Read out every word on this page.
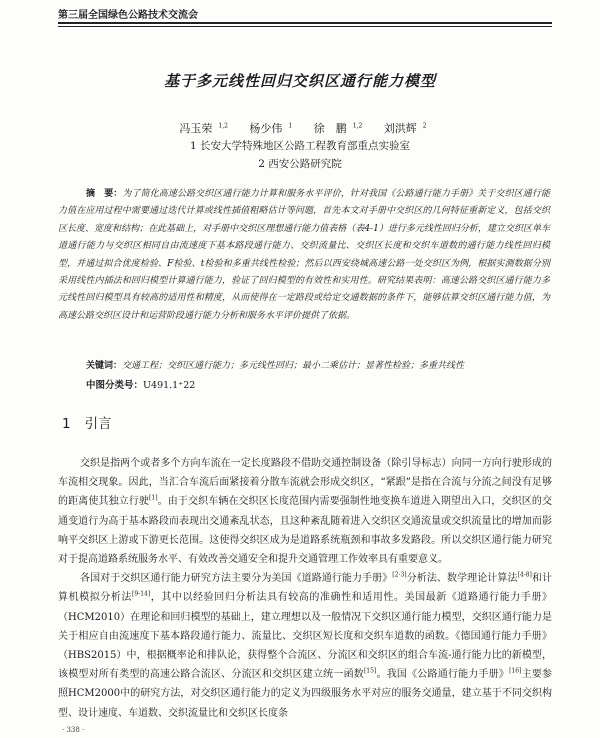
第三届全国绿色公路技术交流会
基于多元线性回归交织区通行能力模型
冯玉荣 $^{1,2}$ 杨少伟 $^1$ 徐　鹏 $^{1,2}$ 刘洪辉 $^2$
1 长安大学特殊地区公路工程教育部重点实验室
2 西安公路研究院
摘　要：为了简化高速公路交织区通行能力计算和服务水平评价，针对我国《公路通行能力手册》关于交织区通行能力值在应用过程中需要通过迭代计算或线性插值粗略估计等问题，首先本文对手册中交织区的几何特征重新定义，包括交织区长度、宽度和结构；在此基础上，对手册中交织区理想通行能力值表格（表4-1）进行多元线性回归分析，建立交织区单车道通行能力与交织区相同自由流速度下基本路段通行能力、交织流量比、交织区长度和交织车道数的通行能力线性回归模型，并通过拟合优度检验、F检验、t检验和多重共线性检验；然后以西安绕城高速公路一处交织区为例，根据实测数据分别采用线性内插法和回归模型计算通行能力，验证了回归模型的有效性和实用性。研究结果表明：高速公路交织区通行能力多元线性回归模型具有较高的适用性和精度，从而使得在一定路段或给定交通数据的条件下，能够估算交织区通行能力值，为高速公路交织区设计和运营阶段通行能力分析和服务水平评价提供了依据。
关键词：交通工程；交织区通行能力；多元线性回归；最小二乘估计；显著性检验；多重共线性
中图分类号：U491.1⁺22
1 引言

交织是指两个或者多个方向车流在一定长度路段不借助交通控制设备（除引导标志）向同一方向行驶形成的车流相交现象。因此，当汇合车流后面紧接着分散车流就会形成交织区，“紧跟”是指在合流与分流之间没有足够的距离使其独立行驶[1]。由于交织车辆在交织区长度范围内需要强制性地变换车道进入期望出入口，交织区的交通变道行为高于基本路段而表现出交通紊乱状态，且这种紊乱随着进入交织区交通流量或交织流量比的增加而影响平交织区上游或下游更长范围。这使得交织区成为是道路系统瓶颈和事故多发路段。所以交织区通行能力研究对于提高道路系统服务水平、有效改善交通安全和提升交通管理工作效率具有重要意义。

各国对于交织区通行能力研究方法主要分为美国《道路通行能力手册》[2-3]分析法、数学理论计算法[4-8]和计算机模拟分析法[9-14]，其中以经验回归分析法具有较高的准确性和适用性。美国最新《道路通行能力手册》（HCM2010）在理论和回归模型的基础上，建立理想以及一般情况下交织区通行能力模型，交织区通行能力是关于相应自由流速度下基本路段通行能力、流量比、交织区短长度和交织车道数的函数。《德国通行能力手册》（HBS2015）中，根据概率论和排队论，获得整个合流区、分流区和交织区的组合车流-通行能力比的新模型，该模型对所有类型的高速公路合流区、分流区和交织区建立统一函数[15]。我国《公路通行能力手册》[16]主要参照HCM2000中的研究方法，对交织区通行能力的定义为四级服务水平对应的服务交通量，建立基于不同交织构型、设计速度、车道数、交织流量比和交织区长度条

· 338 ·
